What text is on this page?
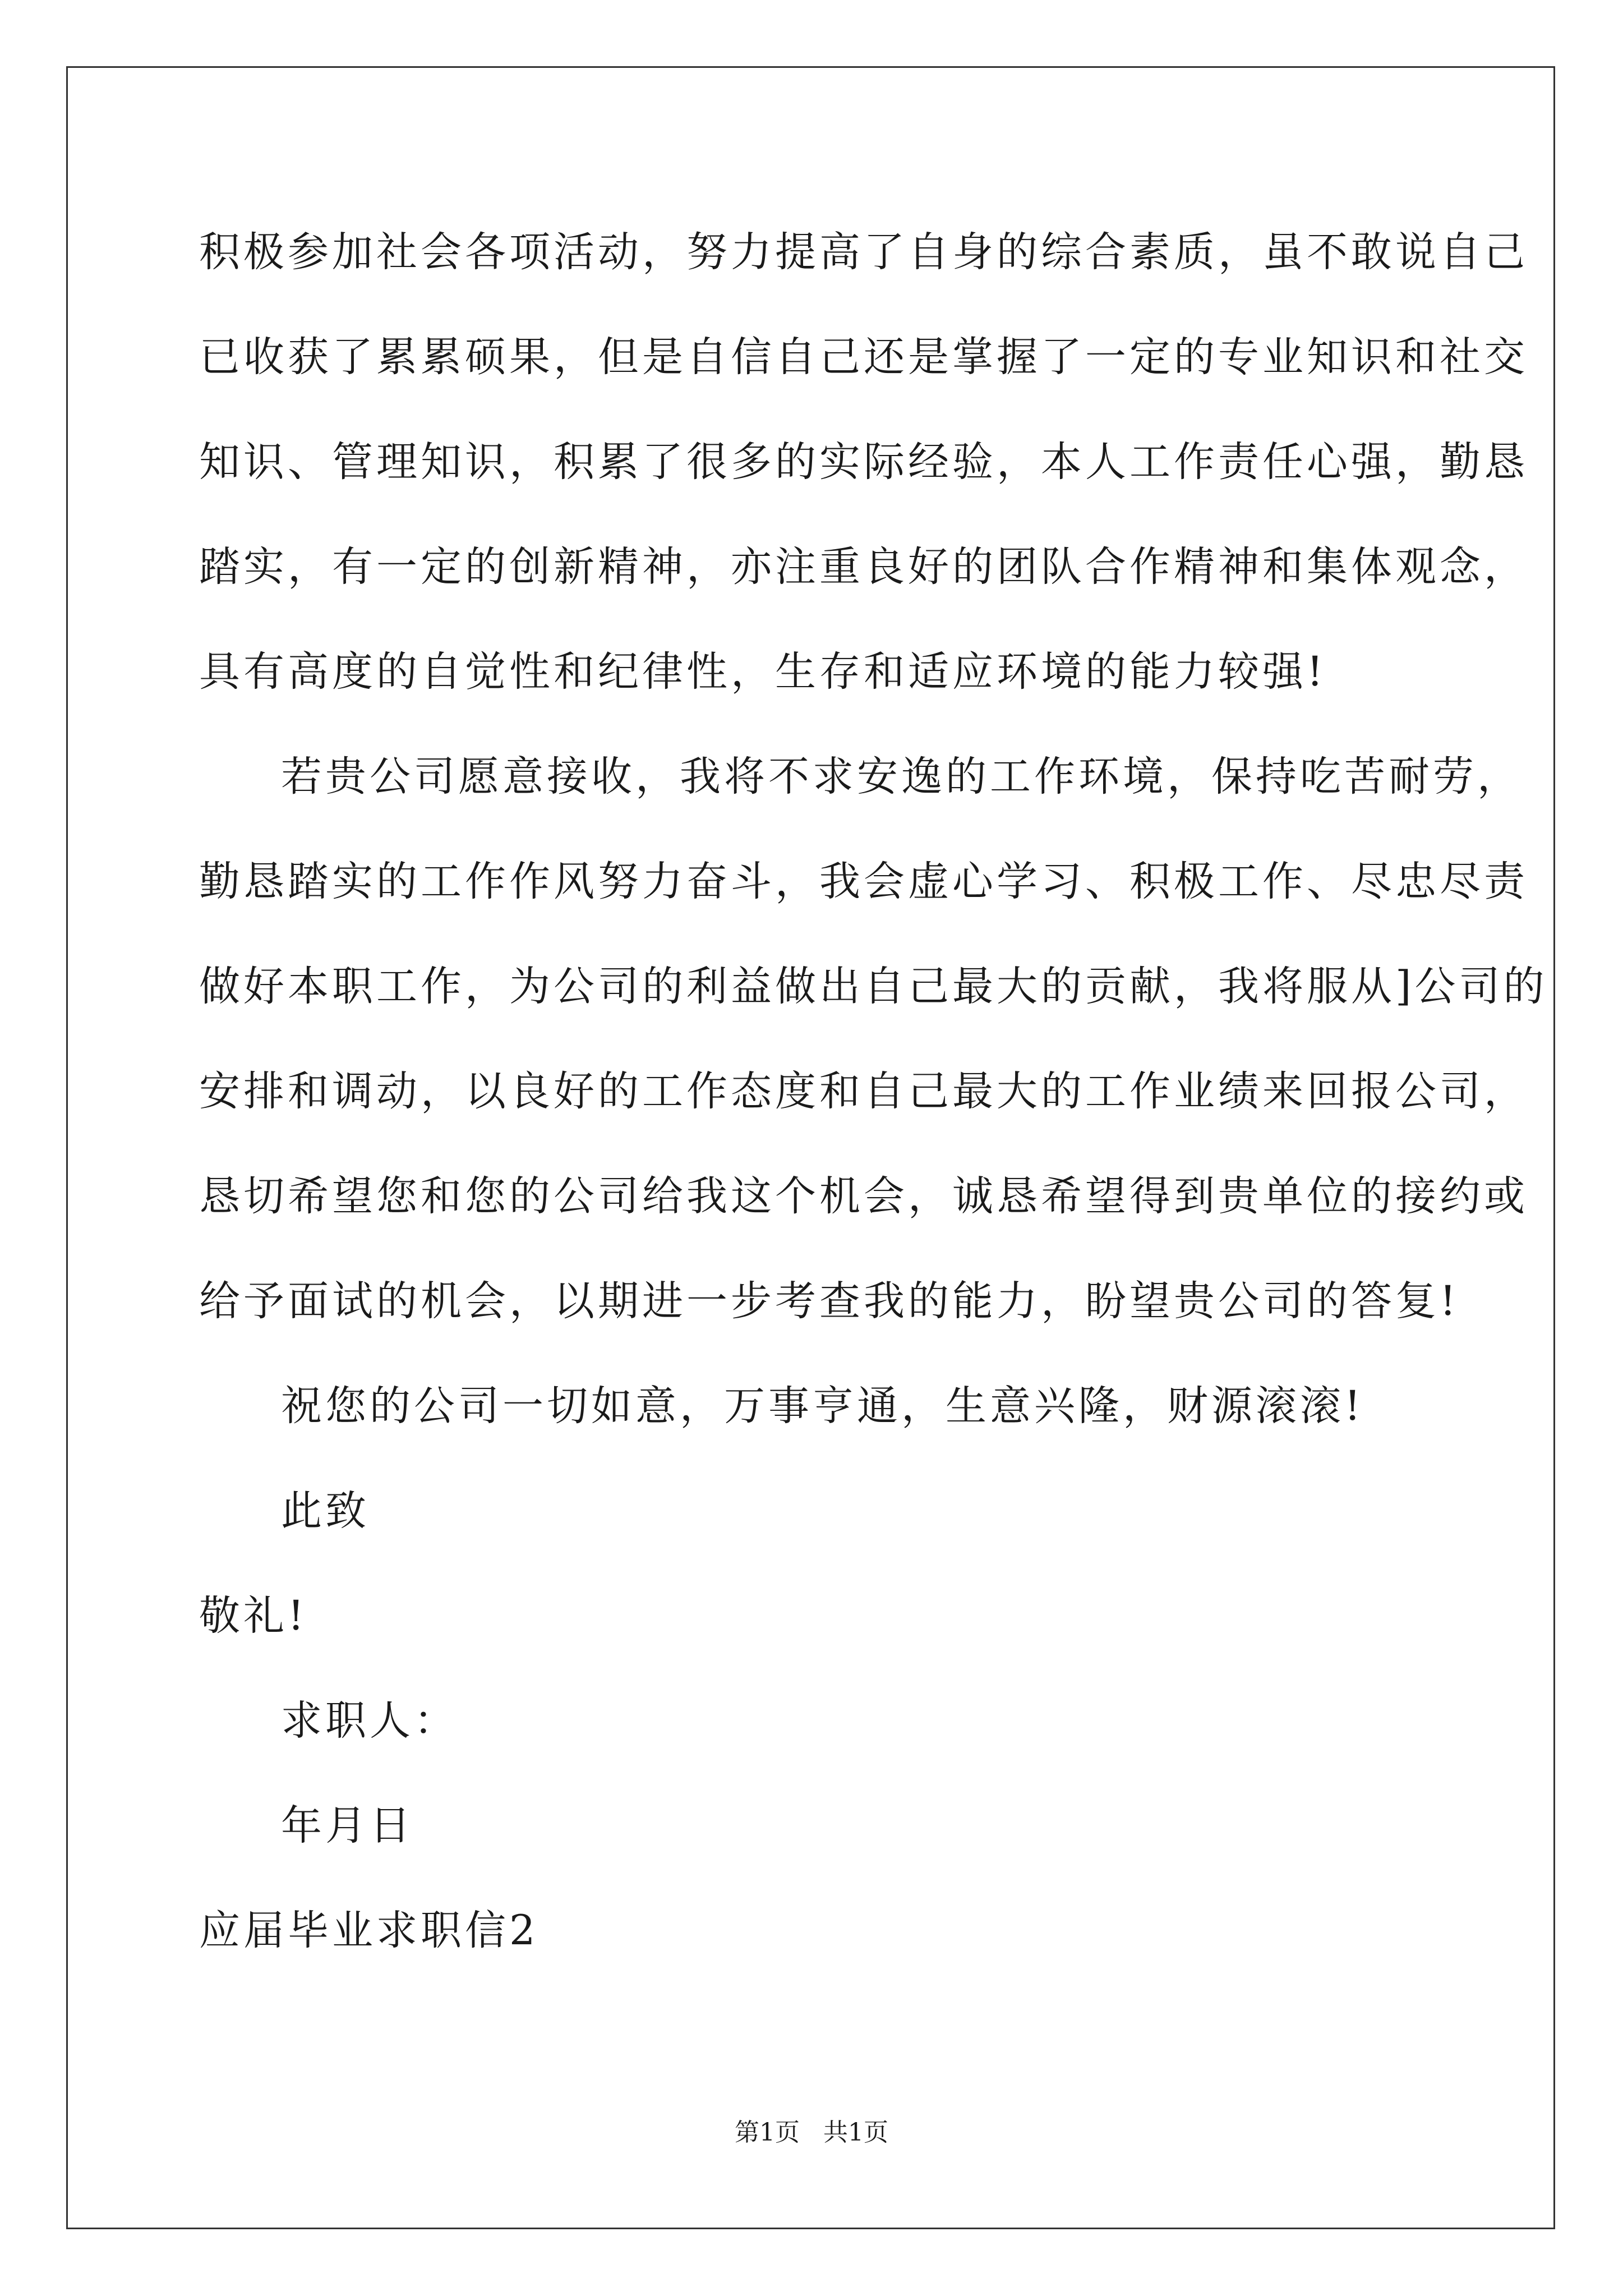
积极参加社会各项活动，努力提高了自身的综合素质，虽不敢说自己
已收获了累累硕果，但是自信自己还是掌握了一定的专业知识和社交
知识、管理知识，积累了很多的实际经验，本人工作责任心强，勤恳
踏实，有一定的创新精神，亦注重良好的团队合作精神和集体观念，
具有高度的自觉性和纪律性，生存和适应环境的能力较强!
若贵公司愿意接收，我将不求安逸的工作环境，保持吃苦耐劳，
勤恳踏实的工作作风努力奋斗，我会虚心学习、积极工作、尽忠尽责
做好本职工作，为公司的利益做出自己最大的贡献，我将服从]公司的
安排和调动，以良好的工作态度和自己最大的工作业绩来回报公司，
恳切希望您和您的公司给我这个机会，诚恳希望得到贵单位的接约或
给予面试的机会，以期进一步考查我的能力，盼望贵公司的答复!
祝您的公司一切如意，万事亨通，生意兴隆，财源滚滚!
此致
敬礼!
求职人：
年月日
应届毕业求职信2
第1页   共1页
